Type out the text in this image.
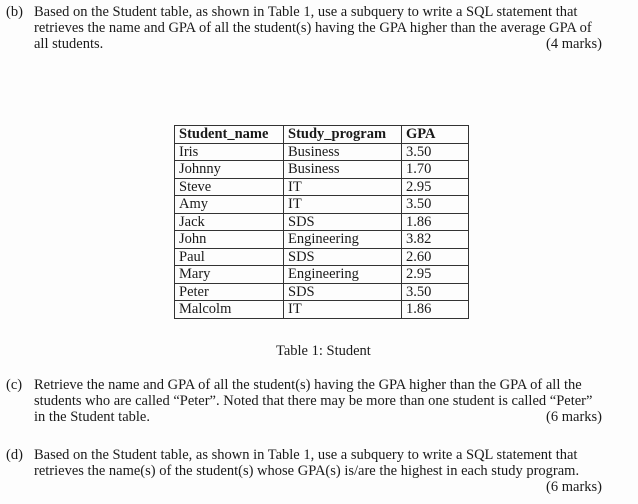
(b) Based on the Student table, as shown in Table 1, use a subquery to write a SQL statement that retrieves the name and GPA of all the student(s) having the GPA higher than the average GPA of all students.	(4 marks)
Student_name	Study_program	GPA
Iris	Business	3.50
Johnny	Business	1.70
Steve	IT	2.95
Amy	IT	3.50
Jack	SDS	1.86
John	Engineering	3.82
Paul	SDS	2.60
Mary	Engineering	2.95
Peter	SDS	3.50
Malcolm	IT	1.86
Table 1: Student
(c) Retrieve the name and GPA of all the student(s) having the GPA higher than the GPA of all the students who are called “Peter”. Noted that there may be more than one student is called “Peter” in the Student table.	(6 marks)
(d) Based on the Student table, as shown in Table 1, use a subquery to write a SQL statement that retrieves the name(s) of the student(s) whose GPA(s) is/are the highest in each study program.
(6 marks)
